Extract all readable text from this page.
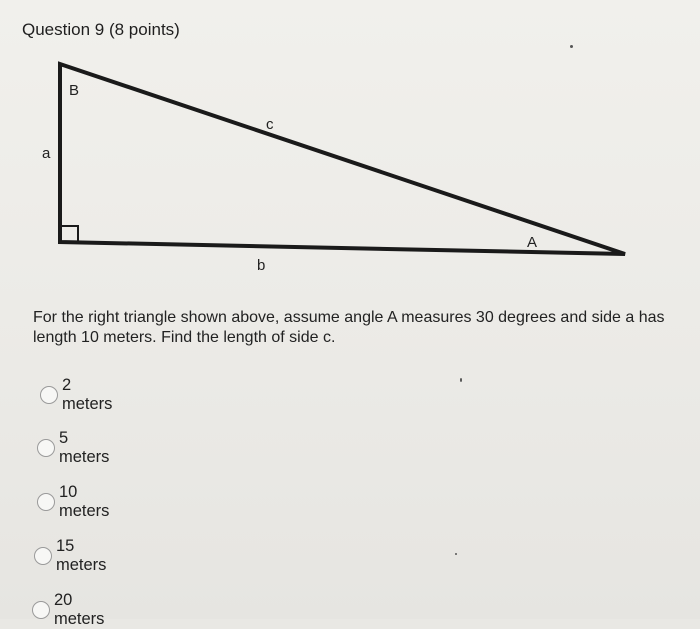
Question 9 (8 points)
B
c
a
A
b
For the right triangle shown above, assume angle A measures 30 degrees and side a has length 10 meters. Find the length of side c.
2 meters
5 meters
10 meters
15 meters
20 meters
